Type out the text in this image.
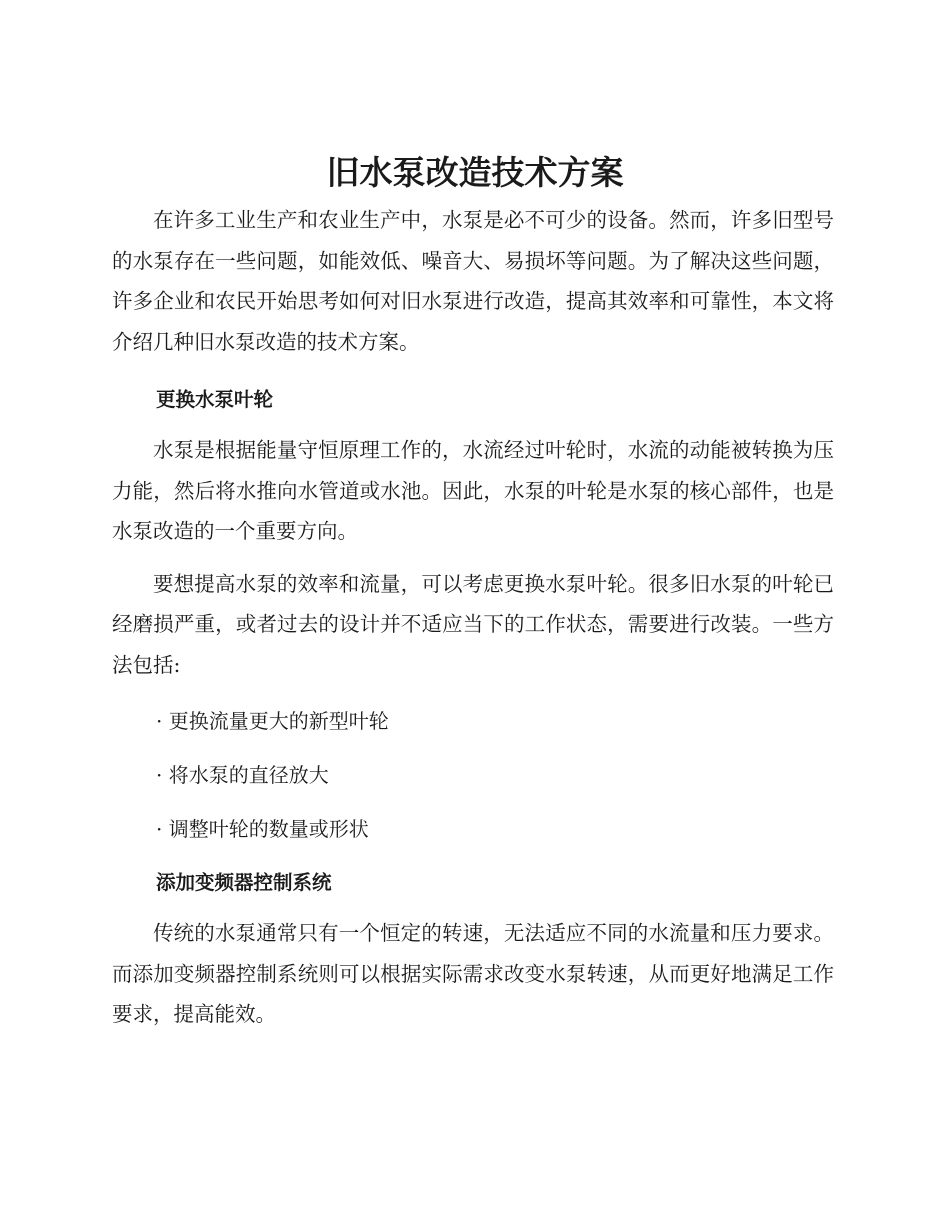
旧水泵改造技术方案

在许多工业生产和农业生产中，水泵是必不可少的设备。然而，许多旧型号的水泵存在一些问题，如能效低、噪音大、易损坏等问题。为了解决这些问题，许多企业和农民开始思考如何对旧水泵进行改造，提高其效率和可靠性，本文将介绍几种旧水泵改造的技术方案。

更换水泵叶轮

水泵是根据能量守恒原理工作的，水流经过叶轮时，水流的动能被转换为压力能，然后将水推向水管道或水池。因此，水泵的叶轮是水泵的核心部件，也是水泵改造的一个重要方向。

要想提高水泵的效率和流量，可以考虑更换水泵叶轮。很多旧水泵的叶轮已经磨损严重，或者过去的设计并不适应当下的工作状态，需要进行改装。一些方法包括:

· 更换流量更大的新型叶轮
· 将水泵的直径放大
· 调整叶轮的数量或形状
添加变频器控制系统

传统的水泵通常只有一个恒定的转速，无法适应不同的水流量和压力要求。而添加变频器控制系统则可以根据实际需求改变水泵转速，从而更好地满足工作要求，提高能效。
